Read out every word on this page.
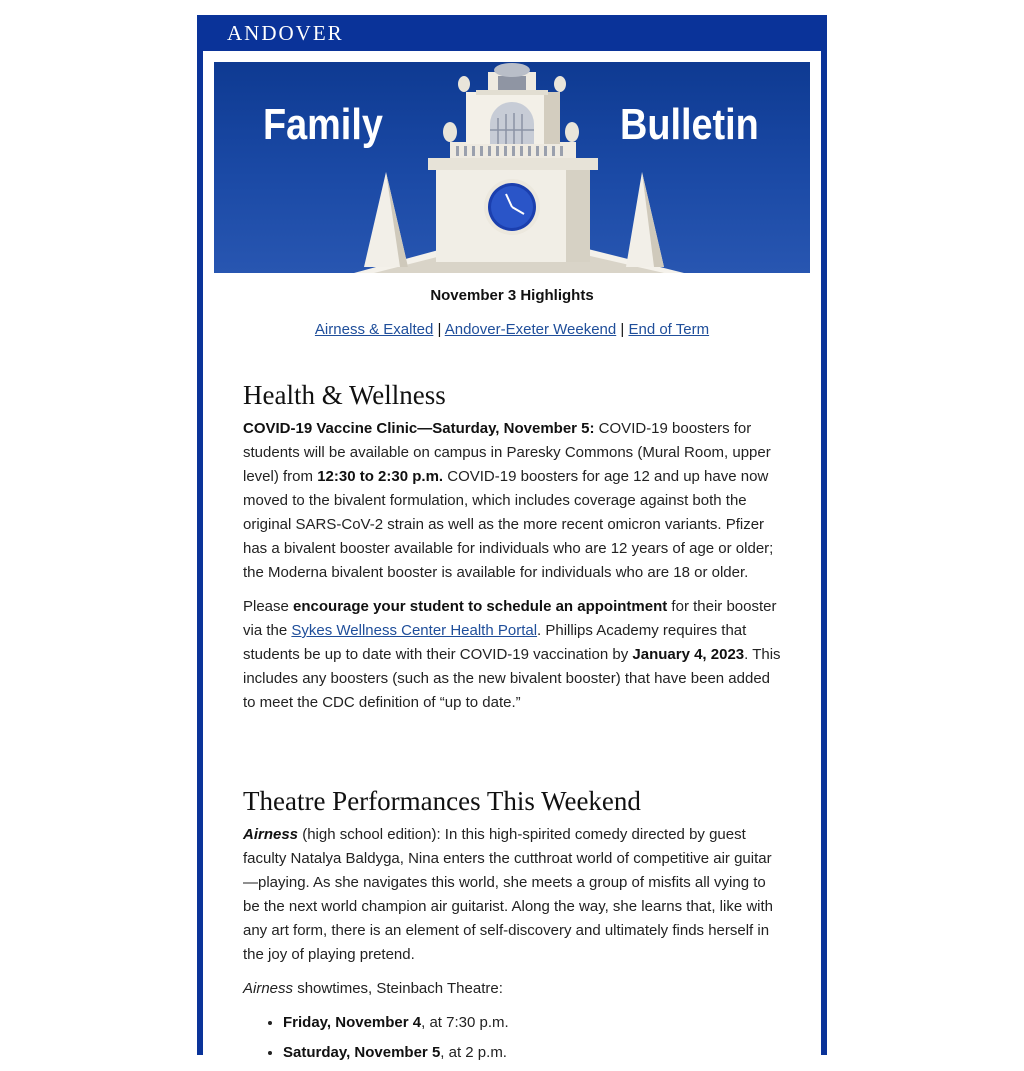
ANDOVER
Family	Bulletin
November 3 Highlights
Airness & Exalted | Andover-Exeter Weekend | End of Term
Health & Wellness

COVID-19 Vaccine Clinic—Saturday, November 5: COVID-19 boosters for students will be available on campus in Paresky Commons (Mural Room, upper level) from 12:30 to 2:30 p.m. COVID-19 boosters for age 12 and up have now moved to the bivalent formulation, which includes coverage against both the original SARS-CoV-2 strain as well as the more recent omicron variants. Pfizer has a bivalent booster available for individuals who are 12 years of age or older; the Moderna bivalent booster is available for individuals who are 18 or older.

Please encourage your student to schedule an appointment for their booster via the Sykes Wellness Center Health Portal. Phillips Academy requires that students be up to date with their COVID-19 vaccination by January 4, 2023. This includes any boosters (such as the new bivalent booster) that have been added to meet the CDC definition of “up to date.”

Theatre Performances This Weekend

Airness (high school edition): In this high-spirited comedy directed by guest faculty Natalya Baldyga, Nina enters the cutthroat world of competitive air guitar—playing. As she navigates this world, she meets a group of misfits all vying to be the next world champion air guitarist. Along the way, she learns that, like with any art form, there is an element of self-discovery and ultimately finds herself in the joy of playing pretend.

Airness showtimes, Steinbach Theatre:

• Friday, November 4, at 7:30 p.m.
• Saturday, November 5, at 2 p.m.
